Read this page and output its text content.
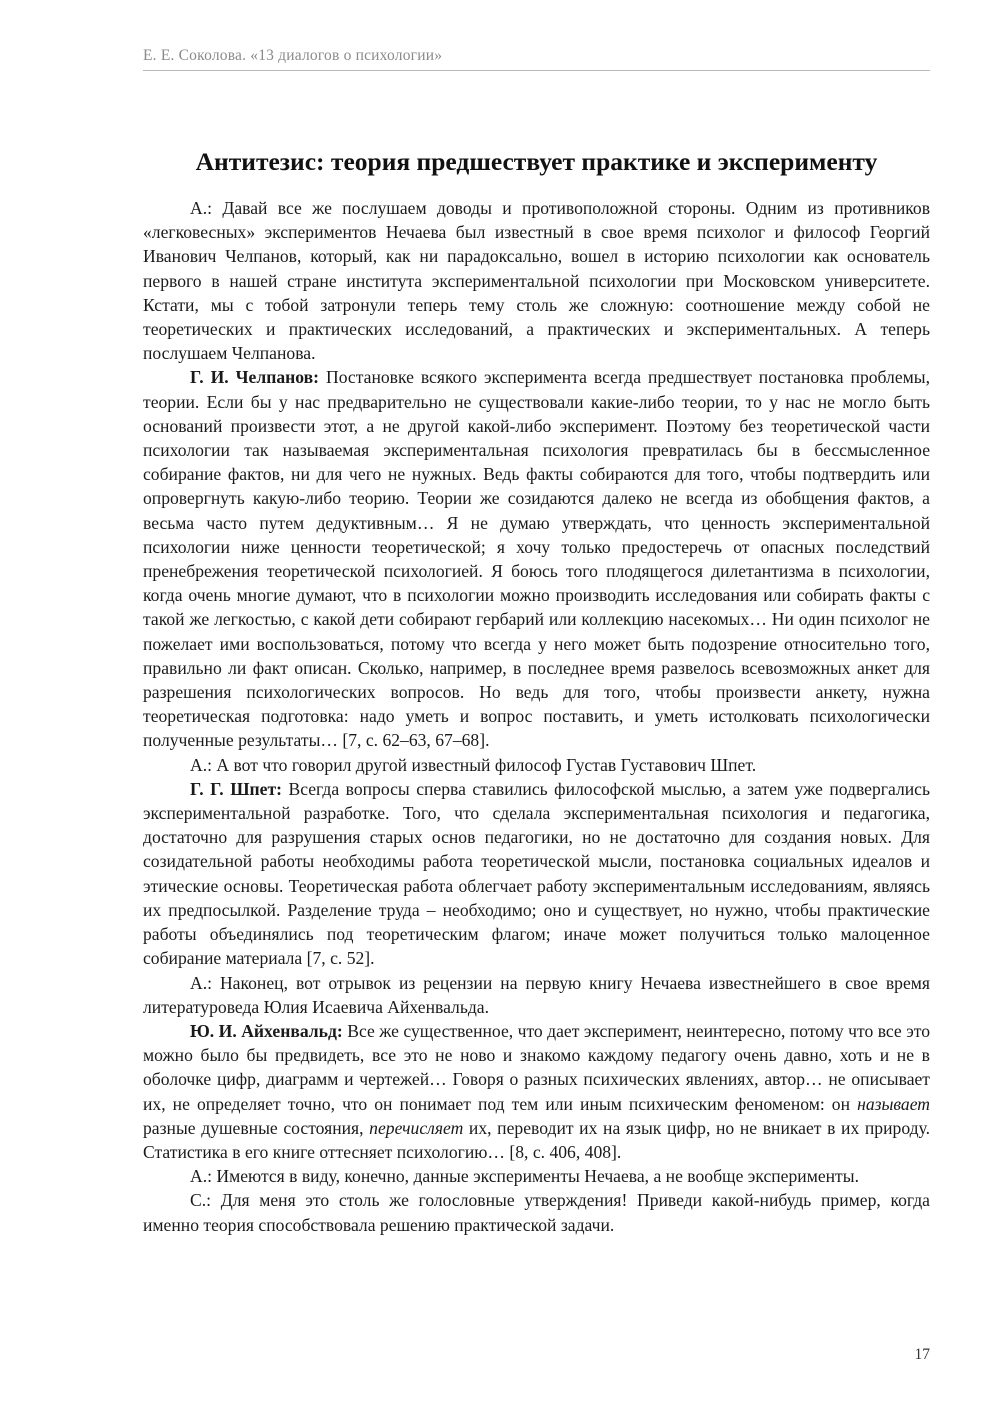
Е. Е. Соколова. «13 диалогов о психологии»
Антитезис: теория предшествует практике и эксперименту

А.: Давай все же послушаем доводы и противоположной стороны. Одним из противников «легковесных» экспериментов Нечаева был известный в свое время психолог и философ Георгий Иванович Челпанов, который, как ни парадоксально, вошел в историю психологии как основатель первого в нашей стране института экспериментальной психологии при Московском университете. Кстати, мы с тобой затронули теперь тему столь же сложную: соотношение между собой не теоретических и практических исследований, а практических и экспериментальных. А теперь послушаем Челпанова.

Г. И. Челпанов: Постановке всякого эксперимента всегда предшествует постановка проблемы, теории. Если бы у нас предварительно не существовали какие-либо теории, то у нас не могло быть оснований произвести этот, а не другой какой-либо эксперимент. Поэтому без теоретической части психологии так называемая экспериментальная психология превратилась бы в бессмысленное собирание фактов, ни для чего не нужных. Ведь факты собираются для того, чтобы подтвердить или опровергнуть какую-либо теорию. Теории же созидаются далеко не всегда из обобщения фактов, а весьма часто путем дедуктивным… Я не думаю утверждать, что ценность экспериментальной психологии ниже ценности теоретической; я хочу только предостеречь от опасных последствий пренебрежения теоретической психологией. Я боюсь того плодящегося дилетантизма в психологии, когда очень многие думают, что в психологии можно производить исследования или собирать факты с такой же легкостью, с какой дети собирают гербарий или коллекцию насекомых… Ни один психолог не пожелает ими воспользоваться, потому что всегда у него может быть подозрение относительно того, правильно ли факт описан. Сколько, например, в последнее время развелось всевозможных анкет для разрешения психологических вопросов. Но ведь для того, чтобы произвести анкету, нужна теоретическая подготовка: надо уметь и вопрос поставить, и уметь истолковать психологически полученные результаты… [7, с. 62–63, 67–68].

А.: А вот что говорил другой известный философ Густав Густавович Шпет.

Г. Г. Шпет: Всегда вопросы сперва ставились философской мыслью, а затем уже подвергались экспериментальной разработке. Того, что сделала экспериментальная психология и педагогика, достаточно для разрушения старых основ педагогики, но не достаточно для создания новых. Для созидательной работы необходимы работа теоретической мысли, постановка социальных идеалов и этические основы. Теоретическая работа облегчает работу экспериментальным исследованиям, являясь их предпосылкой. Разделение труда – необходимо; оно и существует, но нужно, чтобы практические работы объединялись под теоретическим флагом; иначе может получиться только малоценное собирание материала [7, с. 52].

А.: Наконец, вот отрывок из рецензии на первую книгу Нечаева известнейшего в свое время литературоведа Юлия Исаевича Айхенвальда.

Ю. И. Айхенвальд: Все же существенное, что дает эксперимент, неинтересно, потому что все это можно было бы предвидеть, все это не ново и знакомо каждому педагогу очень давно, хоть и не в оболочке цифр, диаграмм и чертежей… Говоря о разных психических явлениях, автор… не описывает их, не определяет точно, что он понимает под тем или иным психическим феноменом: он называет разные душевные состояния, перечисляет их, переводит их на язык цифр, но не вникает в их природу. Статистика в его книге оттесняет психологию… [8, с. 406, 408].

А.: Имеются в виду, конечно, данные эксперименты Нечаева, а не вообще эксперименты.

С.: Для меня это столь же голословные утверждения! Приведи какой-нибудь пример, когда именно теория способствовала решению практической задачи.

17
